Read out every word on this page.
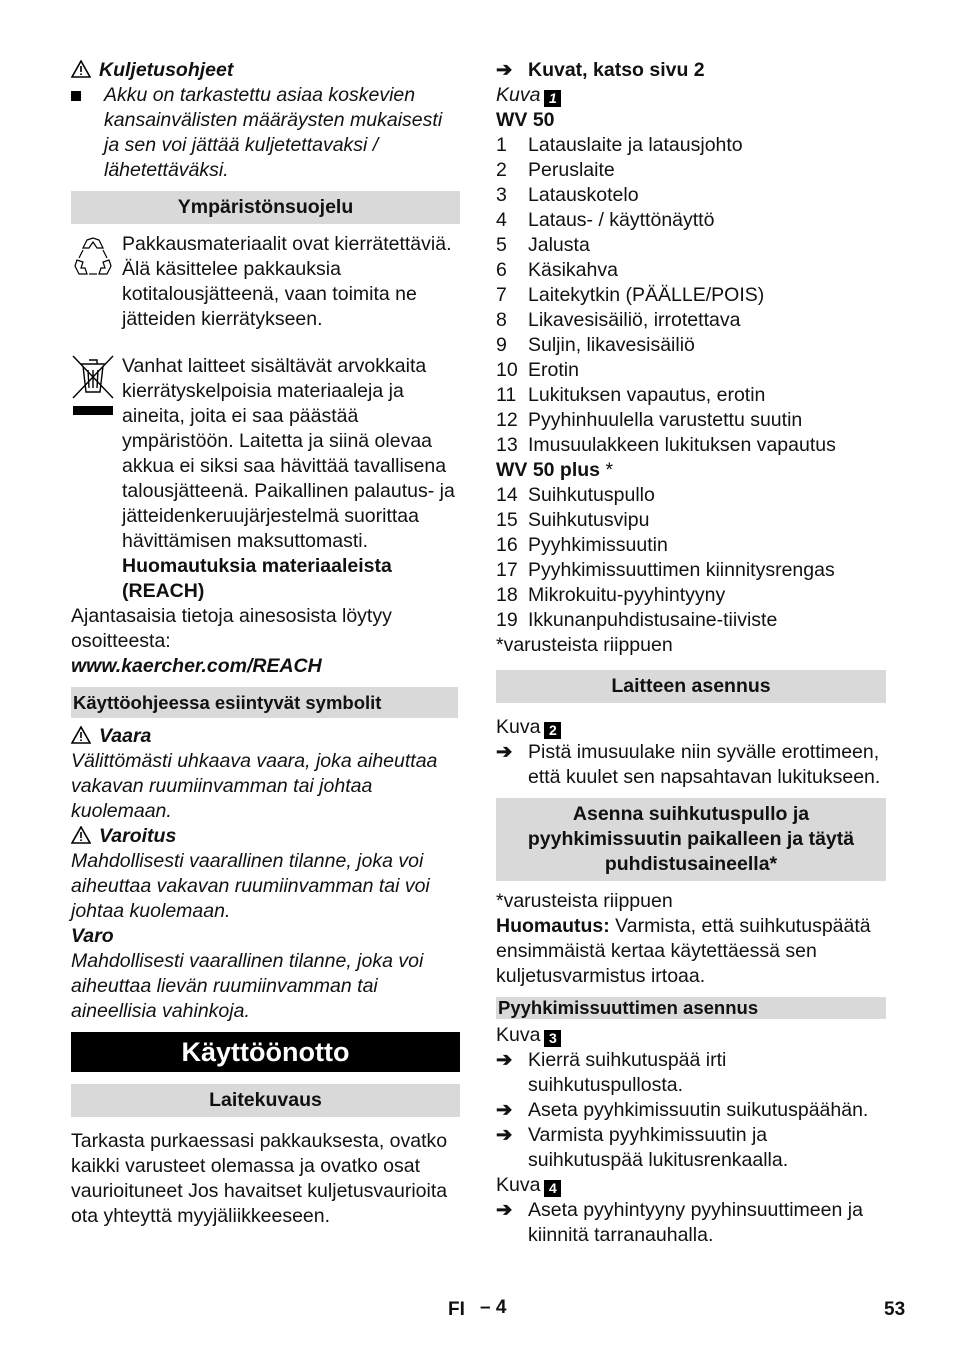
Kuljetusohjeet
Akku on tarkastettu asiaa koskevien kansainvälisten määräysten mukaisesti ja sen voi jättää kuljetettavaksi / lähetettäväksi.
Ympäristönsuojelu
Pakkausmateriaalit ovat kierrätettäviä. Älä käsittelee pakkauksia kotitalousjätteenä, vaan toimita ne jätteiden kierrätykseen.
Vanhat laitteet sisältävät arvokkaita kierrätyskelpoisia materiaaleja ja aineita, joita ei saa päästää ympäristöön. Laitetta ja siinä olevaa akkua ei siksi saa hävittää tavallisena talousjätteenä. Paikallinen palautus- ja jätteidenkeruujärjestelmä suorittaa hävittämisen maksuttomasti.
Huomautuksia materiaaleista
(REACH)
Ajantasaisia tietoja ainesosista löytyy osoitteesta:
www.kaercher.com/REACH
Käyttöohjeessa esiintyvät symbolit
Vaara
Välittömästi uhkaava vaara, joka aiheuttaa vakavan ruumiinvamman tai johtaa kuolemaan.
Varoitus
Mahdollisesti vaarallinen tilanne, joka voi aiheuttaa vakavan ruumiinvamman tai voi johtaa kuolemaan.
Varo
Mahdollisesti vaarallinen tilanne, joka voi aiheuttaa lievän ruumiinvamman tai aineellisia vahinkoja.
Käyttöönotto
Laitekuvaus
Tarkasta purkaessasi pakkauksesta, ovatko kaikki varusteet olemassa ja ovatko osat vaurioituneet Jos havaitset kuljetusvaurioita ota yhteyttä myyjäliikkeeseen.
➔ Kuvat, katso sivu 2
Kuva 1
WV 50
1	Latauslaite ja latausjohto
2	Peruslaite
3	Latauskotelo
4	Lataus- / käyttönäyttö
5	Jalusta
6	Käsikahva
7	Laitekytkin (PÄÄLLE/POIS)
8	Likavesisäiliö, irrotettava
9	Suljin, likavesisäiliö
10 Erotin
11 Lukituksen vapautus, erotin
12 Pyyhinhuulella varustettu suutin
13 Imusuulakkeen lukituksen vapautus
WV 50 plus *
14 Suihkutuspullo
15 Suihkutusvipu
16 Pyyhkimissuutin
17 Pyyhkimissuuttimen kiinnitysrengas
18 Mikrokuitu-pyyhintyyny
19 Ikkunanpuhdistusaine-tiiviste
*varusteista riippuen
Laitteen asennus
Kuva 2
➔ Pistä imusuulake niin syvälle erottimeen, että kuulet sen napsahtavan lukitukseen.
Asenna suihkutuspullo ja pyyhkimissuutin paikalleen ja täytä puhdistusaineella*
*varusteista riippuen
Huomautus: Varmista, että suihkutuspäätä ensimmäistä kertaa käytettäessä sen kuljetusvarmistus irtoaa.
Pyyhkimissuuttimen asennus
Kuva 3
➔ Kierrä suihkutuspää irti suihkutuspullosta.
➔ Aseta pyyhkimissuutin suikutuspäähän.
➔ Varmista pyyhkimissuutin ja suihkutuspää lukitusrenkaalla.
Kuva 4
➔ Aseta pyyhintyyny pyyhinsuuttimeen ja kiinnitä tarranauhalla.
FI – 4	53
